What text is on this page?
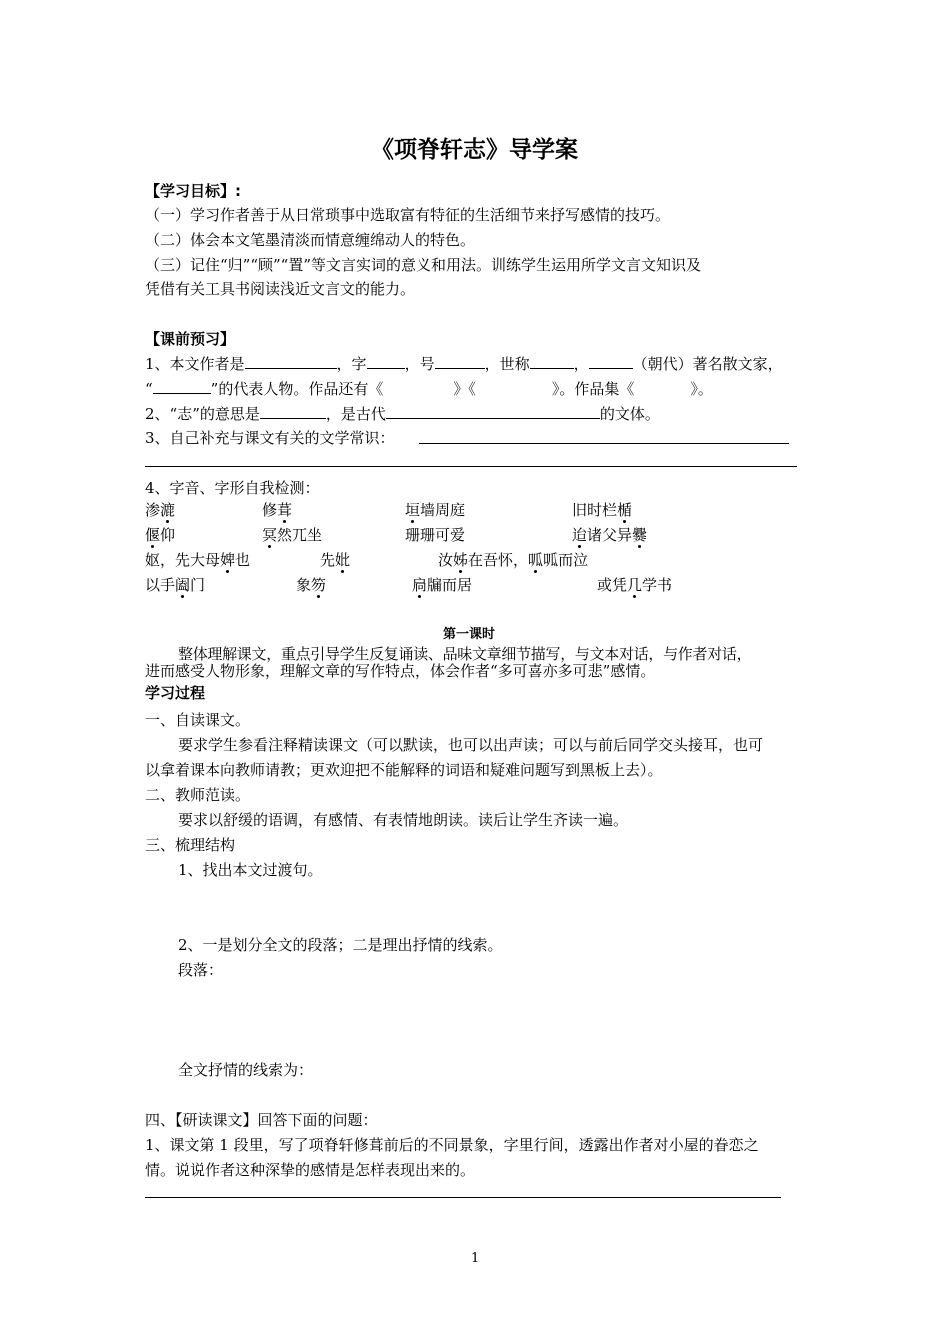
《项脊轩志》导学案
【学习目标】:
（一）学习作者善于从日常琐事中选取富有特征的生活细节来抒写感情的技巧。
（二）体会本文笔墨清淡而情意缠绵动人的特色。
（三）记住“归”“顾”“置”等文言实词的意义和用法。训练学生运用所学文言文知识及
凭借有关工具书阅读浅近文言文的能力。
【课前预习】
1、本文作者是	，字	，号	，世称	，	（朝代）著名散文家，
“	”的代表人物。作品还有《	》《	》。作品集《	》。
2、“志”的意思是	，是古代	的文体。
3、自己补充与课文有关的文学常识：
4、字音、字形自我检测：
渗漉	修葺	垣墙周庭	旧时栏楯
偃仰	冥然兀坐	珊珊可爱	迨诸父异爨
妪，先大母婢也	先妣	汝姊在吾怀，呱呱而泣
以手阖门	象笏	扃牖而居	或凭几学书
第一课时
整体理解课文，重点引导学生反复诵读、品味文章细节描写，与文本对话，与作者对话，
进而感受人物形象，理解文章的写作特点，体会作者“多可喜亦多可悲”感情。
学习过程
一、自读课文。
要求学生参看注释精读课文（可以默读，也可以出声读；可以与前后同学交头接耳，也可
以拿着课本向教师请教；更欢迎把不能解释的词语和疑难问题写到黑板上去）。
二、教师范读。
要求以舒缓的语调，有感情、有表情地朗读。读后让学生齐读一遍。
三、梳理结构
1、找出本文过渡句。
2、一是划分全文的段落；二是理出抒情的线索。
段落：
全文抒情的线索为：
四、【研读课文】回答下面的问题：
1、课文第 1 段里，写了项脊轩修葺前后的不同景象，字里行间，透露出作者对小屋的眷恋之
情。说说作者这种深挚的感情是怎样表现出来的。
1
